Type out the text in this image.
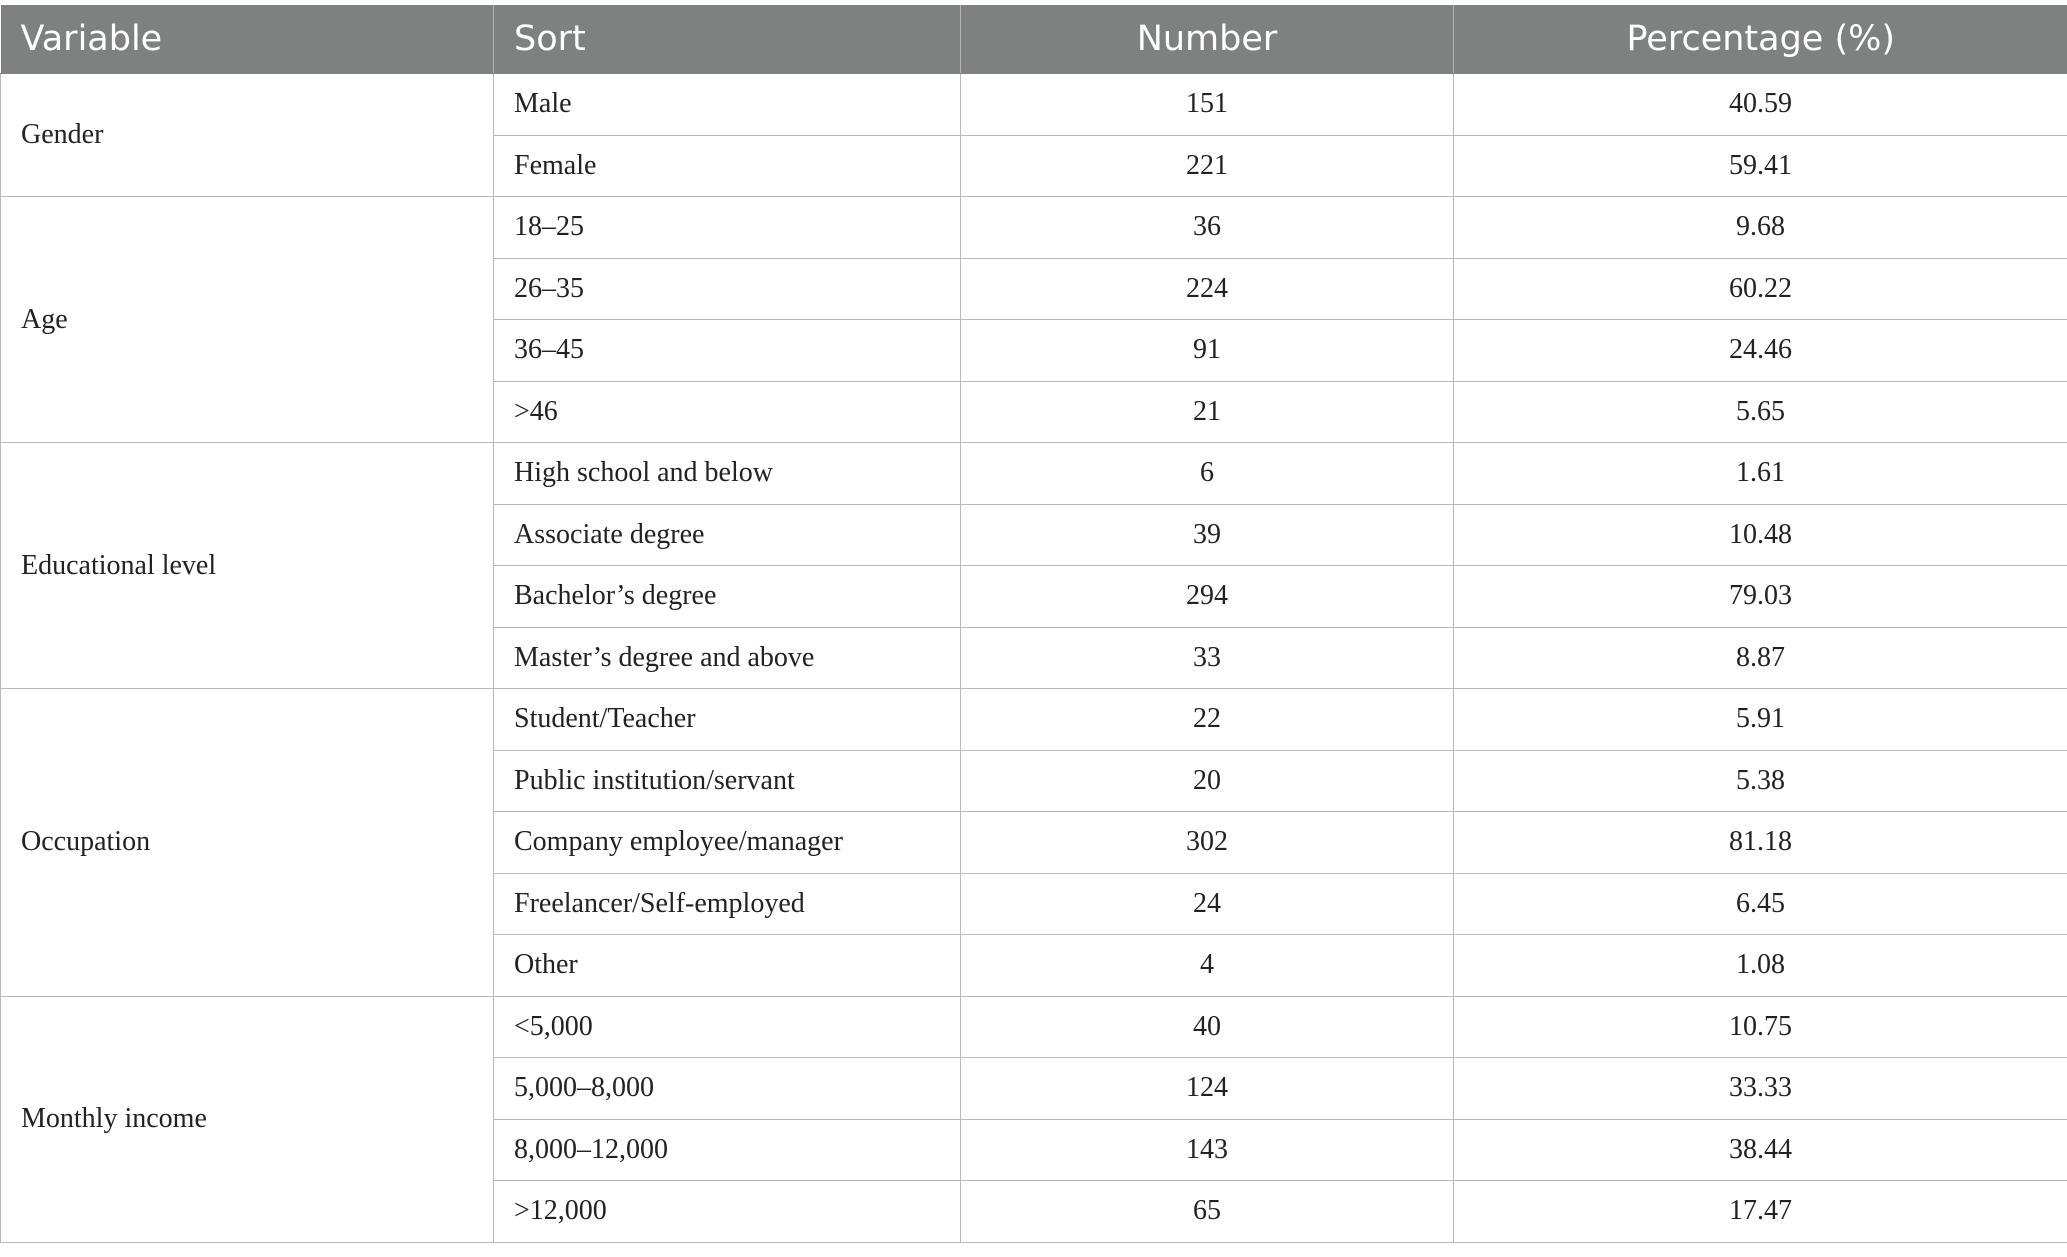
Variable	Sort	Number	Percentage (%)
Gender	Male	151	40.59
	Female	221	59.41
Age	18–25	36	9.68
	26–35	224	60.22
	36–45	91	24.46
	>46	21	5.65
Educational level	High school and below	6	1.61
	Associate degree	39	10.48
	Bachelor’s degree	294	79.03
	Master’s degree and above	33	8.87
Occupation	Student/Teacher	22	5.91
	Public institution/servant	20	5.38
	Company employee/manager	302	81.18
	Freelancer/Self-employed	24	6.45
	Other	4	1.08
Monthly income	<5,000	40	10.75
	5,000–8,000	124	33.33
	8,000–12,000	143	38.44
	>12,000	65	17.47
